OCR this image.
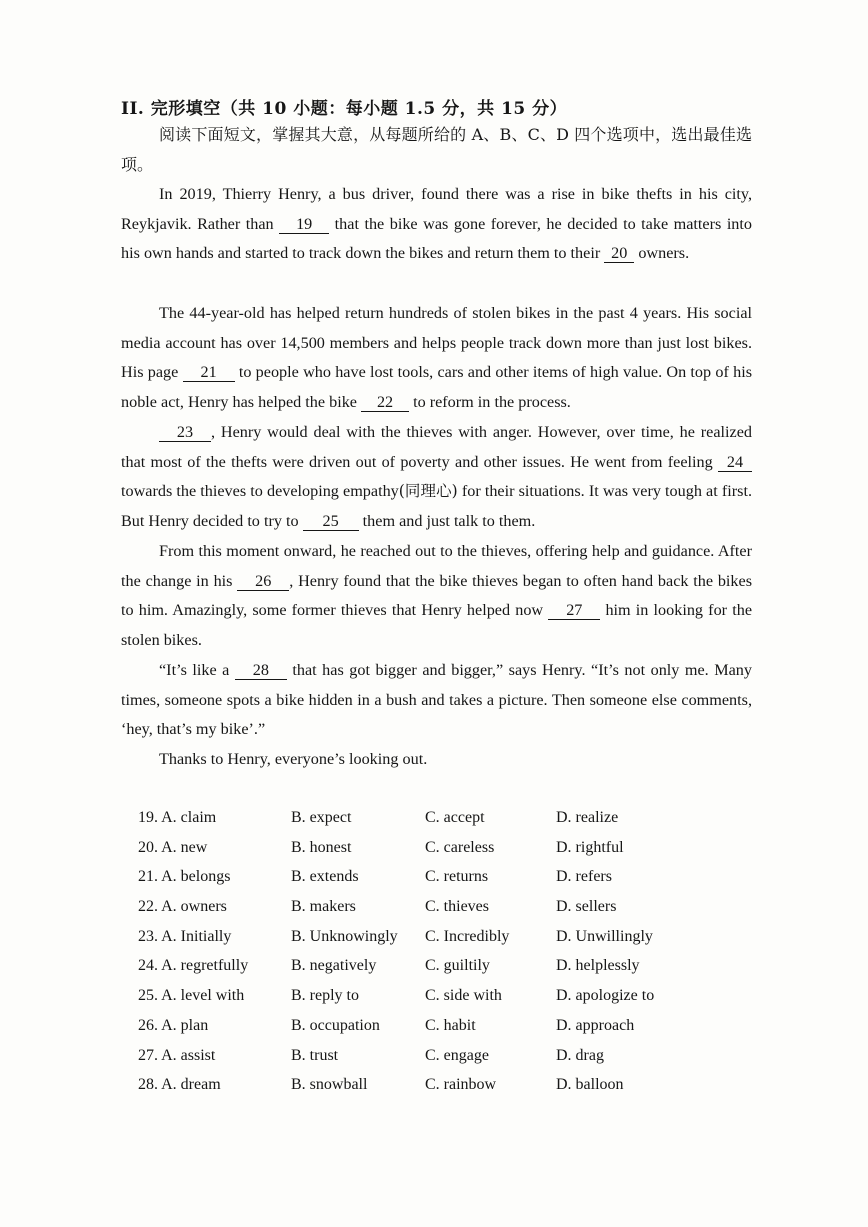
II. 完形填空（共 10 小题：每小题 1.5 分，共 15 分）

阅读下面短文，掌握其大意，从每题所给的 A、B、C、D 四个选项中，选出最佳选项。

In 2019, Thierry Henry, a bus driver, found there was a rise in bike thefts in his city, Reykjavik. Rather than 19 that the bike was gone forever, he decided to take matters into his own hands and started to track down the bikes and return them to their 20 owners.

The 44-year-old has helped return hundreds of stolen bikes in the past 4 years. His social media account has over 14,500 members and helps people track down more than just lost bikes. His page 21 to people who have lost tools, cars and other items of high value. On top of his noble act, Henry has helped the bike 22 to reform in the process.

23 , Henry would deal with the thieves with anger. However, over time, he realized that most of the thefts were driven out of poverty and other issues. He went from feeling 24 towards the thieves to developing empathy(同理心) for their situations. It was very tough at first. But Henry decided to try to 25 them and just talk to them.

From this moment onward, he reached out to the thieves, offering help and guidance. After the change in his 26 , Henry found that the bike thieves began to often hand back the bikes to him. Amazingly, some former thieves that Henry helped now 27 him in looking for the stolen bikes.

“It’s like a 28 that has got bigger and bigger,” says Henry. “It’s not only me. Many times, someone spots a bike hidden in a bush and takes a picture. Then someone else comments, ‘hey, that’s my bike’.”

Thanks to Henry, everyone’s looking out.

19. A. claim	B. expect	C. accept	D. realize
20. A. new	B. honest	C. careless	D. rightful
21. A. belongs	B. extends	C. returns	D. refers
22. A. owners	B. makers	C. thieves	D. sellers
23. A. Initially	B. Unknowingly C. Incredibly	D. Unwillingly
24. A. regretfully	B. negatively	C. guiltily	D. helplessly
25. A. level with	B. reply to	C. side with	D. apologize to
26. A. plan	B. occupation	C. habit	D. approach
27. A. assist	B. trust	C. engage	D. drag
28. A. dream	B. snowball	C. rainbow	D. balloon
